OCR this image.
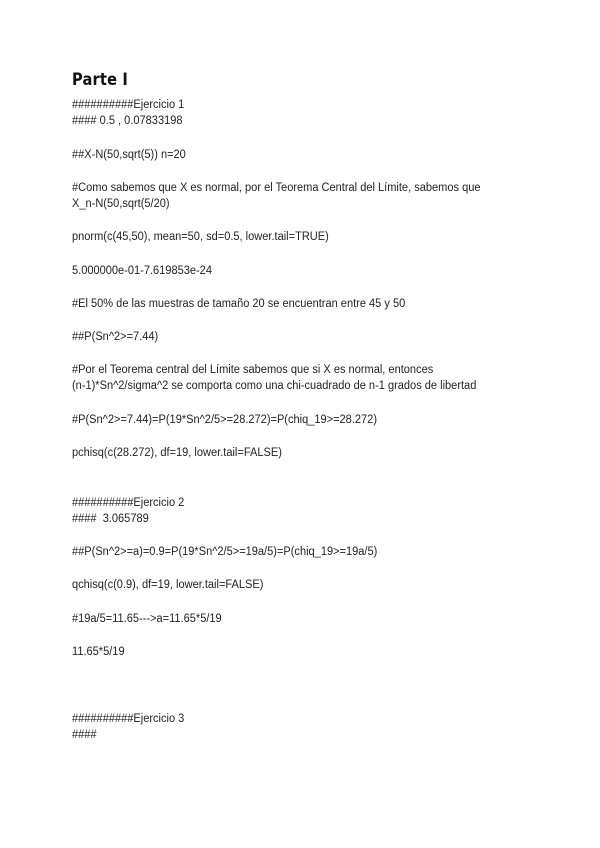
Parte I
##########Ejercicio 1
#### 0.5 , 0.07833198
##X-N(50,sqrt(5)) n=20
#Como sabemos que X es normal, por el Teorema Central del Límite, sabemos que
X_n-N(50,sqrt(5/20)
pnorm(c(45,50), mean=50, sd=0.5, lower.tail=TRUE)
5.000000e-01-7.619853e-24
#El 50% de las muestras de tamaño 20 se encuentran entre 45 y 50
##P(Sn^2>=7.44)
#Por el Teorema central del Límite sabemos que si X es normal, entonces
(n-1)*Sn^2/sigma^2 se comporta como una chi-cuadrado de n-1 grados de libertad
#P(Sn^2>=7.44)=P(19*Sn^2/5>=28.272)=P(chiq_19>=28.272)
pchisq(c(28.272), df=19, lower.tail=FALSE)
##########Ejercicio 2
####  3.065789
##P(Sn^2>=a)=0.9=P(19*Sn^2/5>=19a/5)=P(chiq_19>=19a/5)
qchisq(c(0.9), df=19, lower.tail=FALSE)
#19a/5=11.65--->a=11.65*5/19
11.65*5/19
##########Ejercicio 3
####
